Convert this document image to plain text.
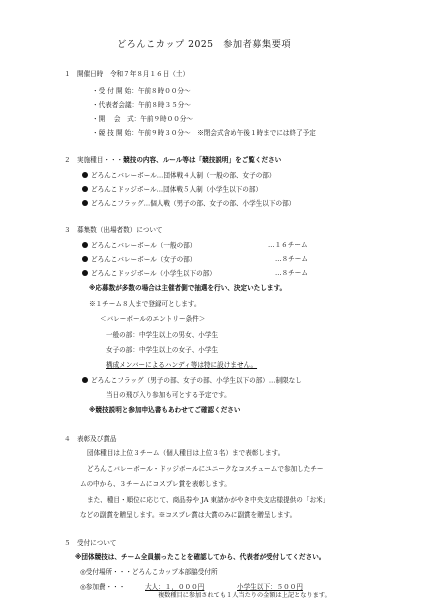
どろんこカップ 2025　参加者募集要項
１ 開催日時　令和７年８月１６日（土）
・受 付 開 始：午前８時００分～
・代表者会議：午前８時３５分～
・開　 会　式：午前９時００分～
・競 技 開 始：午前９時３０分～　※閉会式含め午後１時までには終了予定
２ 実施種目・・・競技の内容、ルール等は「競技説明」をご覧ください
どろんこバレーボール…団体戦４人制（一般の部、女子の部）
どろんこドッジボール…団体戦５人制（小学生以下の部）
どろんこフラッグ…個人戦（男子の部、女子の部、小学生以下の部）
３ 募集数（出場者数）について
どろんこバレーボール（一般の部）	…１６チーム
どろんこバレーボール（女子の部）	…８チーム
どろんこドッジボール（小学生以下の部）	…８チーム
※応募数が多数の場合は主催者側で抽選を行い、決定いたします。
※１チーム８人まで登録可とします。
＜バレーボールのエントリー条件＞
一般の部：中学生以上の男女、小学生
女子の部：中学生以上の女子、小学生
構成メンバーによるハンディ等は特に設けません。
どろんこフラッグ（男子の部、女子の部、小学生以下の部）…制限なし
当日の飛び入り参加も可とする予定です。
※競技説明と参加申込書もあわせてご確認ください
４ 表彰及び賞品
団体種目は上位３チーム（個人種目は上位３名）まで表彰します。
どろんこバレーボール・ドッジボールにユニークなコスチュームで参加したチー
ムの中から、３チームにコスプレ賞を表彰します。
また、種目・順位に応じて、商品券や JA 東諸かがやき中央支店様提供の「お米」
などの副賞を贈呈します。※コスプレ賞は大賞のみに副賞を贈呈します。
５ 受付について
※団体競技は、チーム全員揃ったことを確認してから、代表者が受付してください。
◎受付場所・・・どろんこカップ本部脇受付所
◎参加費・・・	大人：１，０００円	小学生以下：５００円
複数種目に参加されても１人当たりの金額は上記となります。
